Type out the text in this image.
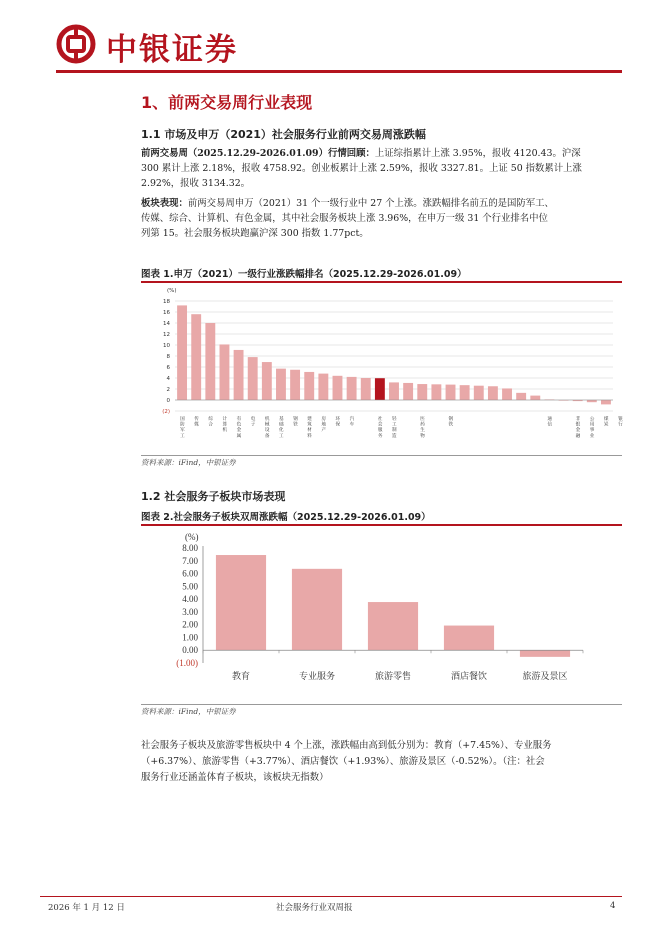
中银证券
1、前两交易周行业表现
1.1 市场及申万（2021）社会服务行业前两交易周涨跌幅
前两交易周（2025.12.29-2026.01.09）行情回顾：上证综指累计上涨 3.95%，报收 4120.43。沪深
300 累计上涨 2.18%，报收 4758.92。创业板累计上涨 2.59%，报收 3327.81。上证 50 指数累计上涨
2.92%，报收 3134.32。
板块表现：前两交易周申万（2021）31 个一级行业中 27 个上涨。涨跌幅排名前五的是国防军工、
传媒、综合、计算机、有色金属，其中社会服务板块上涨 3.96%，在申万一级 31 个行业排名中位
列第 15。社会服务板块跑赢沪深 300 指数 1.77pct。
图表 1.申万（2021）一级行业涨跌幅排名（2025.12.29-2026.01.09）
18
16
14
12
10
8
6
4
2
0
(2)
(%)
国防军工
传媒
综合
计算机
有色金属
电子
机械设备
基础化工
钢铁
建筑材料
房地产
环保
汽车
社会服务
轻工制造
医药生物
钢铁
通信
非银金融
公用事业
煤炭
银行
资料来源：iFind，中银证券
1.2 社会服务子板块市场表现
图表 2.社会服务子板块双周涨跌幅（2025.12.29-2026.01.09）
(%)
8.00
7.00
6.00
5.00
4.00
3.00
2.00
1.00
0.00
(1.00)
教育	专业服务	旅游零售	酒店餐饮	旅游及景区
资料来源：iFind，中银证券
社会服务子板块及旅游零售板块中 4 个上涨，涨跌幅由高到低分别为：教育（+7.45%）、专业服务
（+6.37%）、旅游零售（+3.77%）、酒店餐饮（+1.93%）、旅游及景区（-0.52%）。（注：社会
服务行业还涵盖体育子板块，该板块无指数）
2026 年 1 月 12 日	社会服务行业双周报	4
